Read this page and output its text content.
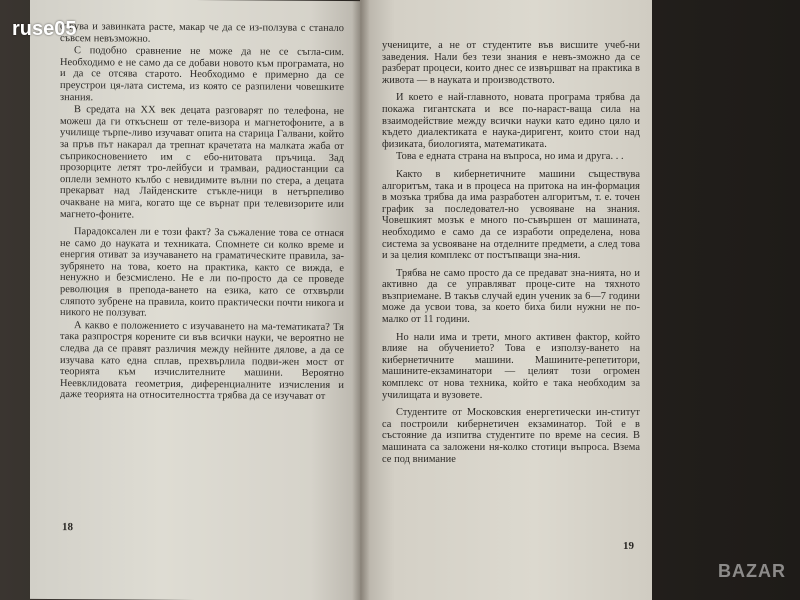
ствува и завинката расте, макар че да се из-ползува с станало съвсем невъзможно.

С подобно сравнение не може да не се съгла-сим. Необходимо е не само да се добави новото към програмата, но и да се отсява старото. Необходимо е примерно да се преустрои ця-лата система, из която се разпилени човешките знания.

В средата на XX век децата разговарят по телефона, не можеш да ги откъснеш от теле-визора и магнетофоните, а в училище търпе-ливо изучават опита на старица Галвани, който за пръв път накарал да трепнат крачетата на малката жаба от съприкосновението им с ебо-нитовата пръчица. Зад прозорците летят тро-лейбуси и трамваи, радиостанции са оплели земното кълбо с невидимите вълни по стера, а децата прекарват над Лайденските стъкле-ници в нетърпеливо очакване на мига, когато ще се върнат при телевизорите или магнето-фоните.

Парадоксален ли е този факт? За съжаление това се отнася не само до науката и техниката. Спомнете си колко време и енергия отиват за изучаването на граматическите правила, за-зубрянето на това, което на практика, както се вижда, е ненужно и безсмислено. Не е ли по-просто да се проведе революция в препода-ването на езика, като се отхвърли сляпото зубрене на правила, които практически почти никога и никого не ползуват.

А какво е положението с изучаването на ма-тематиката? Тя така разпростря корените си във всички науки, че вероятно не следва да се правят различия между нейните дялове, а да се изучава като една сплав, прехвърлила подви-жен мост от теорията към изчислителните машини. Вероятно Неевклидовата геометрия, диференциалните изчисления и даже теорията на относителността трябва да се изучават от

18

учениците, а не от студентите във висшите учеб-ни заведения. Нали без тези знания е невъ-зможно да се разберат процеси, които днес се извършват на практика в живота — в науката и производството.

И което е най-главното, новата програма трябва да покажа гигантската и все по-нараст-ваща сила на взаимодействие между всички науки като едино цяло и къдeто диалектиката е наука-диригент, които стои над физиката, биологията, математиката.

Това е едната страна на въпроса, но има и друга. . .

Както в кибернетичните машини съществува алгоритъм, така и в процеса на притока на ин-формация в мозъка трябва да има разработен алгоритъм, т. е. точен график за последовател-но усвояване на знания. Човешкият мозък е много по-съвършен от машината, необходимо е само да се изработи определена, нова система за усвояване на отделните предмети, а след това и за целия комплекс от постъпващи зна-ния.

Трябва не само просто да се предават зна-нията, но и активно да се управляват проце-сите на тяхното възприемане. В такъв случай един ученик за 6—7 години може да усвои това, за което биха били нужни не по-малко от 11 години.

Но нали има и трети, много активен фактор, който влияе на обучението? Това е използу-ването на кибернетичните машини. Машините-репетитори, машините-екзаминатори — целият този огромен комплекс от нова техника, който е така необходим за училищата и вузовете.

Студентите от Московския енергетически ин-ститут са построили кибернетичен екзаминатор. Той е в състояние да изпитва студентите по време на сесия. В машината са заложени ня-колко стотици въпроса. Взема се под внимание

19
ruse05
BAZAR
